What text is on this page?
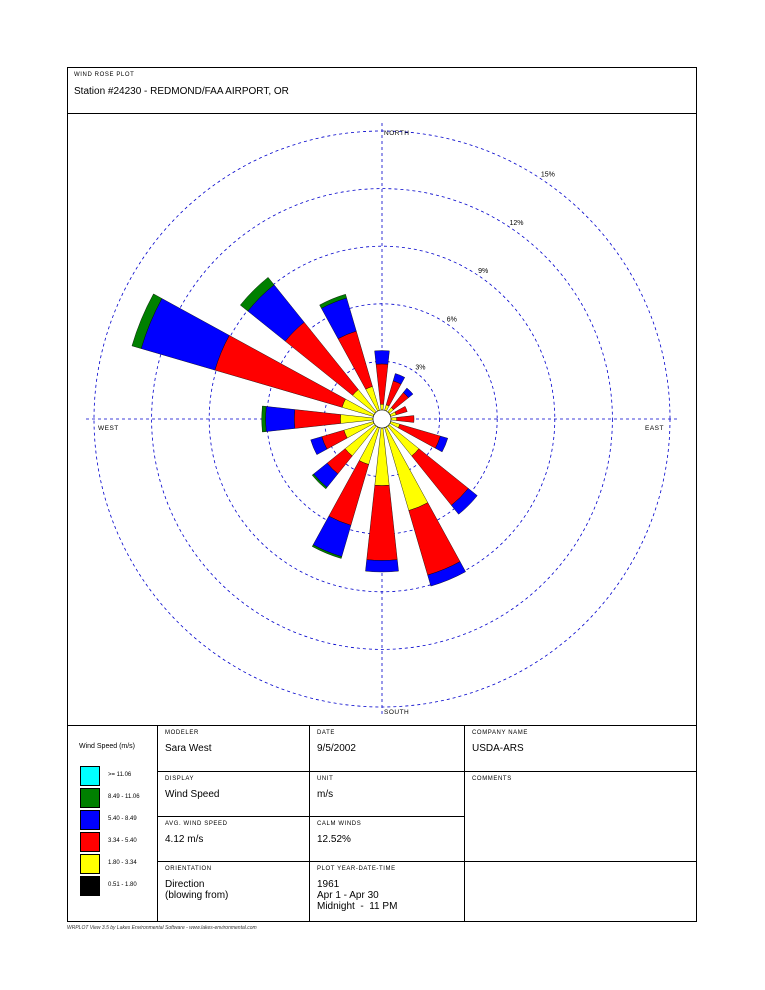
WIND ROSE PLOT
Station #24230 - REDMOND/FAA AIRPORT, OR
3%
6%
9%
12%
15%
NORTH
SOUTH
WEST	EAST
Wind Speed (m/s)
>= 11.06
8.49 - 11.06
5.40 - 8.49
3.34 - 5.40
1.80 - 3.34
0.51 - 1.80
MODELER
Sara West
DATE
9/5/2002
COMPANY NAME
USDA-ARS
DISPLAY
Wind Speed
UNIT
m/s
COMMENTS
AVG. WIND SPEED
4.12 m/s
CALM WINDS
12.52%
ORIENTATION
Direction
(blowing from)
PLOT YEAR-DATE-TIME
1961
Apr 1 - Apr 30
Midnight  -  11 PM
WRPLOT View 3.5 by Lakes Environmental Software - www.lakes-environmental.com
